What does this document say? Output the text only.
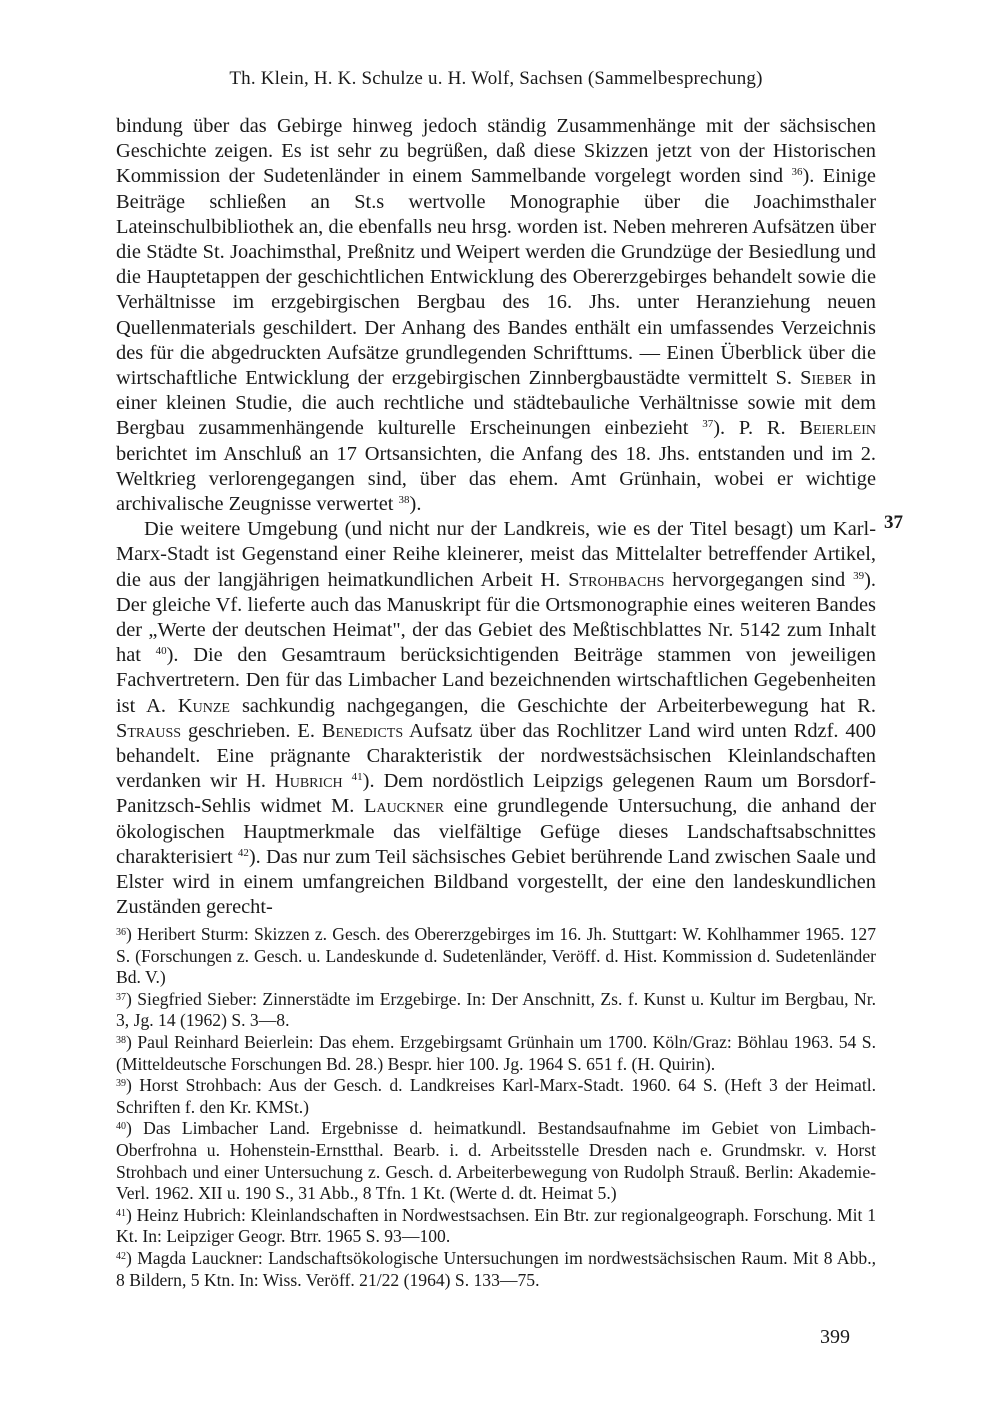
Th. Klein, H. K. Schulze u. H. Wolf, Sachsen (Sammelbesprechung)

bindung über das Gebirge hinweg jedoch ständig Zusammenhänge mit der sächsischen Geschichte zeigen. Es ist sehr zu begrüßen, daß diese Skizzen jetzt von der Historischen Kommission der Sudetenländer in einem Sammelbande vorgelegt worden sind $^{36}$). Einige Beiträge schließen an St.s wertvolle Monographie über die Joachimsthaler Lateinschulbibliothek an, die ebenfalls neu hrsg. worden ist. Neben mehreren Aufsätzen über die Städte St. Joachimsthal, Preßnitz und Weipert werden die Grundzüge der Besiedlung und die Hauptetappen der geschichtlichen Entwicklung des Obererzgebirges behandelt sowie die Verhältnisse im erzgebirgischen Bergbau des 16. Jhs. unter Heranziehung neuen Quellenmaterials geschildert. Der Anhang des Bandes enthält ein umfassendes Verzeichnis des für die abgedruckten Aufsätze grundlegenden Schrifttums. — Einen Überblick über die wirtschaftliche Entwicklung der erzgebirgischen Zinnbergbaustädte vermittelt S. Sieber in einer kleinen Studie, die auch rechtliche und städtebauliche Verhältnisse sowie mit dem Bergbau zusammenhängende kulturelle Erscheinungen einbezieht $^{37}$). P. R. Beierlein berichtet im Anschluß an 17 Ortsansichten, die Anfang des 18. Jhs. entstanden und im 2. Weltkrieg verlorengegangen sind, über das ehem. Amt Grünhain, wobei er wichtige archivalische Zeugnisse verwertet $^{38}$).

Die weitere Umgebung (und nicht nur der Landkreis, wie es der Titel besagt) um Karl-Marx-Stadt ist Gegenstand einer Reihe kleinerer, meist das Mittelalter betreffender Artikel, die aus der langjährigen heimatkundlichen Arbeit H. Strohbachs hervorgegangen sind $^{39}$). Der gleiche Vf. lieferte auch das Manuskript für die Ortsmonographie eines weiteren Bandes der „Werte der deutschen Heimat", der das Gebiet des Meßtischblattes Nr. 5142 zum Inhalt hat $^{40}$). Die den Gesamtraum berücksichtigenden Beiträge stammen von jeweiligen Fachvertretern. Den für das Limbacher Land bezeichnenden wirtschaftlichen Gegebenheiten ist A. Kunze sachkundig nachgegangen, die Geschichte der Arbeiterbewegung hat R. Strauss geschrieben. E. Benedicts Aufsatz über das Rochlitzer Land wird unten Rdzf. 400 behandelt. Eine prägnante Charakteristik der nordwestsächsischen Kleinlandschaften verdanken wir H. Hubrich $^{41}$). Dem nordöstlich Leipzigs gelegenen Raum um Borsdorf-Panitzsch-Sehlis widmet M. Lauckner eine grundlegende Untersuchung, die anhand der ökologischen Hauptmerkmale das vielfältige Gefüge dieses Landschaftsabschnittes charakterisiert $^{42}$). Das nur zum Teil sächsisches Gebiet berührende Land zwischen Saale und Elster wird in einem umfangreichen Bildband vorgestellt, der eine den landeskundlichen Zuständen gerecht-

37

$^{36}$) Heribert Sturm: Skizzen z. Gesch. des Obererzgebirges im 16. Jh. Stuttgart: W. Kohlhammer 1965. 127 S. (Forschungen z. Gesch. u. Landeskunde d. Sudetenländer, Veröff. d. Hist. Kommission d. Sudetenländer Bd. V.)

$^{37}$) Siegfried Sieber: Zinnerstädte im Erzgebirge. In: Der Anschnitt, Zs. f. Kunst u. Kultur im Bergbau, Nr. 3, Jg. 14 (1962) S. 3—8.

$^{38}$) Paul Reinhard Beierlein: Das ehem. Erzgebirgsamt Grünhain um 1700. Köln/Graz: Böhlau 1963. 54 S. (Mitteldeutsche Forschungen Bd. 28.) Bespr. hier 100. Jg. 1964 S. 651 f. (H. Quirin).

$^{39}$) Horst Strohbach: Aus der Gesch. d. Landkreises Karl-Marx-Stadt. 1960. 64 S. (Heft 3 der Heimatl. Schriften f. den Kr. KMSt.)

$^{40}$) Das Limbacher Land. Ergebnisse d. heimatkundl. Bestandsaufnahme im Gebiet von Limbach-Oberfrohna u. Hohenstein-Ernstthal. Bearb. i. d. Arbeitsstelle Dresden nach e. Grundmskr. v. Horst Strohbach und einer Untersuchung z. Gesch. d. Arbeiterbewegung von Rudolph Strauß. Berlin: Akademie-Verl. 1962. XII u. 190 S., 31 Abb., 8 Tfn. 1 Kt. (Werte d. dt. Heimat 5.)

$^{41}$) Heinz Hubrich: Kleinlandschaften in Nordwestsachsen. Ein Btr. zur regionalgeograph. Forschung. Mit 1 Kt. In: Leipziger Geogr. Btrr. 1965 S. 93—100.

$^{42}$) Magda Lauckner: Landschaftsökologische Untersuchungen im nordwestsächsischen Raum. Mit 8 Abb., 8 Bildern, 5 Ktn. In: Wiss. Veröff. 21/22 (1964) S. 133—75.

399
